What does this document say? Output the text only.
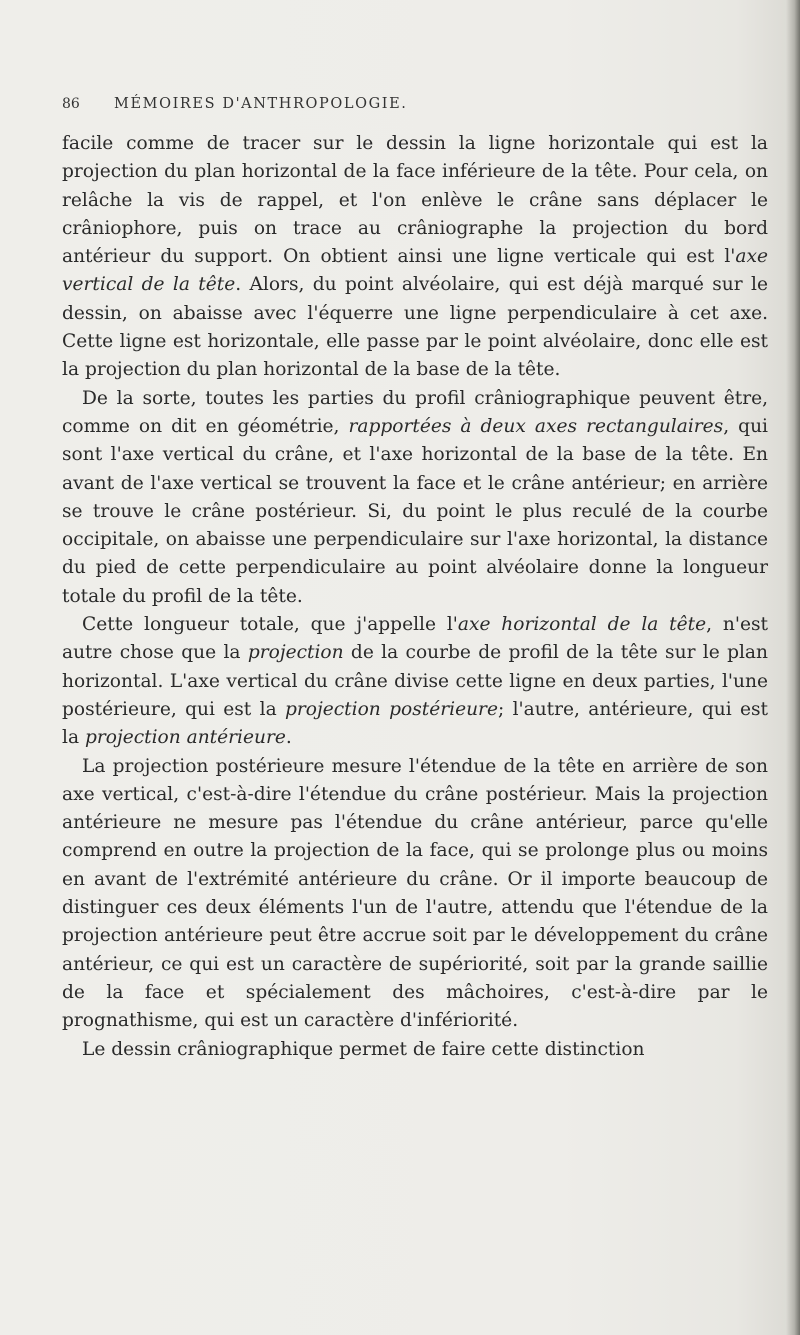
86 MÉMOIRES D'ANTHROPOLOGIE.

facile comme de tracer sur le dessin la ligne horizontale qui est la projection du plan horizontal de la face inférieure de la tête. Pour cela, on relâche la vis de rappel, et l'on enlève le crâne sans déplacer le crâniophore, puis on trace au crâniographe la projection du bord antérieur du support. On obtient ainsi une ligne verticale qui est l'axe vertical de la tête. Alors, du point alvéolaire, qui est déjà marqué sur le dessin, on abaisse avec l'équerre une ligne perpendiculaire à cet axe. Cette ligne est horizontale, elle passe par le point alvéolaire, donc elle est la projection du plan horizontal de la base de la tête.

De la sorte, toutes les parties du profil crâniographique peuvent être, comme on dit en géométrie, rapportées à deux axes rectangulaires, qui sont l'axe vertical du crâne, et l'axe horizontal de la base de la tête. En avant de l'axe vertical se trouvent la face et le crâne antérieur; en arrière se trouve le crâne postérieur. Si, du point le plus reculé de la courbe occipitale, on abaisse une perpendiculaire sur l'axe horizontal, la distance du pied de cette perpendiculaire au point alvéolaire donne la longueur totale du profil de la tête.

Cette longueur totale, que j'appelle l'axe horizontal de la tête, n'est autre chose que la projection de la courbe de profil de la tête sur le plan horizontal. L'axe vertical du crâne divise cette ligne en deux parties, l'une postérieure, qui est la projection postérieure; l'autre, antérieure, qui est la projection antérieure.

La projection postérieure mesure l'étendue de la tête en arrière de son axe vertical, c'est-à-dire l'étendue du crâne postérieur. Mais la projection antérieure ne mesure pas l'étendue du crâne antérieur, parce qu'elle comprend en outre la projection de la face, qui se prolonge plus ou moins en avant de l'extrémité antérieure du crâne. Or il importe beaucoup de distinguer ces deux éléments l'un de l'autre, attendu que l'étendue de la projection antérieure peut être accrue soit par le développement du crâne antérieur, ce qui est un caractère de supériorité, soit par la grande saillie de la face et spécialement des mâchoires, c'est-à-dire par le prognathisme, qui est un caractère d'infériorité.

Le dessin crâniographique permet de faire cette distinction
